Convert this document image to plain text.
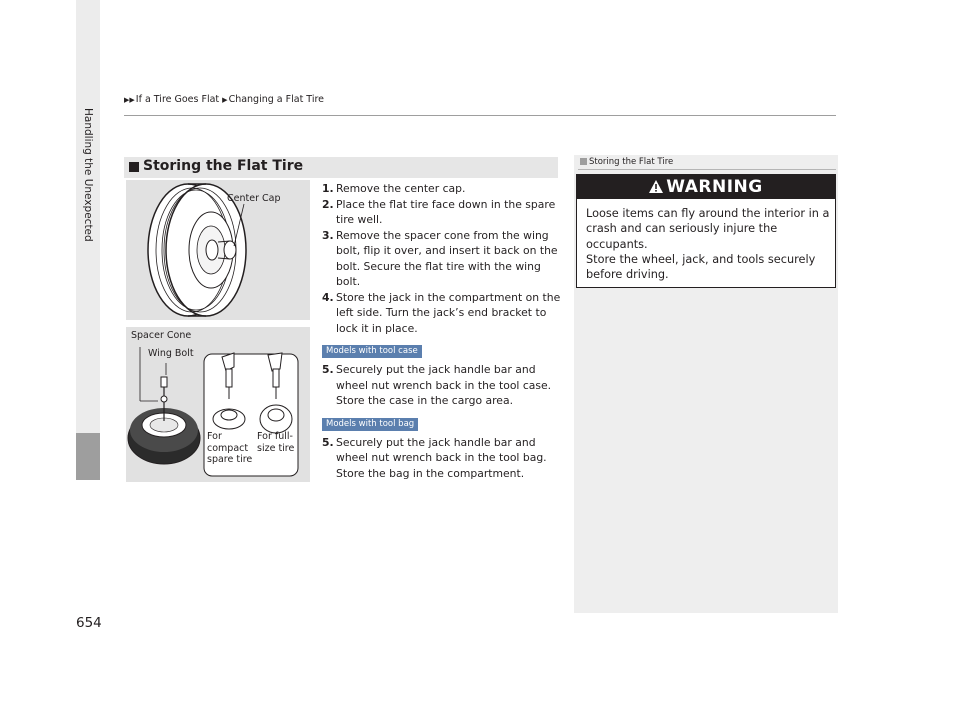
Handling the Unexpected
▶▶If a Tire Goes Flat ▶Changing a Flat Tire
Storing the Flat Tire
Center Cap
Spacer Cone
Wing Bolt
For
compact
spare tire
For full-
size tire
1. Remove the center cap.
2. Place the flat tire face down in the spare tire well.
3. Remove the spacer cone from the wing bolt, flip it over, and insert it back on the bolt. Secure the flat tire with the wing bolt.
4. Store the jack in the compartment on the left side. Turn the jack’s end bracket to lock it in place.
Models with tool case
5. Securely put the jack handle bar and wheel nut wrench back in the tool case. Store the case in the cargo area.
Models with tool bag
5. Securely put the jack handle bar and wheel nut wrench back in the tool bag. Store the bag in the compartment.
Storing the Flat Tire
WARNING
Loose items can fly around the interior in a crash and can seriously injure the occupants.
Store the wheel, jack, and tools securely before driving.
654
